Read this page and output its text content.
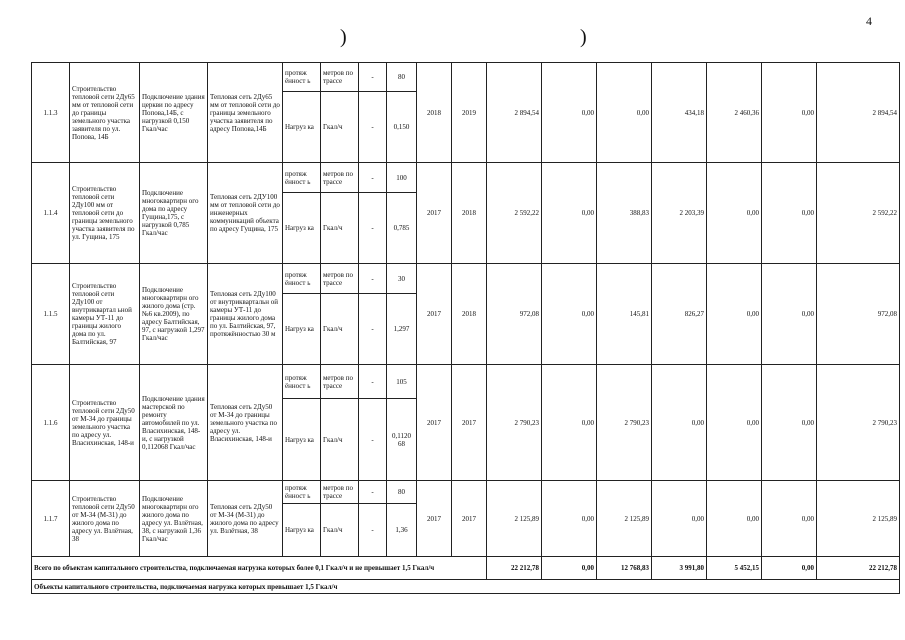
4
)	)
1.1.3	Строительство тепловой сети 2Ду65 мм от тепловой сети до границы земельного участка заявителя по ул. Попова, 14Б	Подключение здания церкви по адресу Попова,14Б, с нагрузкой 0,150 Гкал/час	Тепловая сеть 2Ду65 мм от тепловой сети до границы земельного участка заявителя по адресу Попова,14Б	протяж ённост ь	метров по трассе	-	80	2018	2019	2 894,54	0,00	0,00	434,18	2 460,36	0,00	2 894,54
				Нагруз ка	Гкал/ч	-	0,150									
1.1.4	Строительство тепловой сети 2Ду100 мм от тепловой сети до границы земельного участка заявителя по ул. Гущина, 175	Подключение многоквартирн ого дома по адресу Гущина,175, с нагрузкой 0,785 Гкал/час	Тепловая сеть 2ДУ100 мм от тепловой сети до инженерных коммуникаций объекта по адресу Гущина, 175	протяж ённост ь	метров по трассе	-	100	2017	2018	2 592,22	0,00	388,83	2 203,39	0,00	0,00	2 592,22
				Нагруз ка	Гкал/ч	-	0,785									
1.1.5	Строительство тепловой сети 2Ду100 от внутриквартал ьной камеры УТ-11 до границы жилого дома по ул. Балтийская, 97	Подключение многоквартирн ого жилого дома (стр.№6 кв.2009), по адресу Балтийская, 97, с нагрузкой 1,297 Гкал/час	Тепловая сеть 2Ду100 от внутриквартальн ой камеры УТ-11 до границы жилого дома по ул. Балтийская, 97, протяжённостью 30 м	протяж ённост ь	метров по трассе	-	30	2017	2018	972,08	0,00	145,81	826,27	0,00	0,00	972,08
				Нагруз ка	Гкал/ч	-	1,297									
1.1.6	Строительство тепловой сети 2Ду50 от М-34 до границы земельного участка по адресу ул. Власихинская, 148-и	Подключение здания мастерской по ремонту автомобилей по ул. Власихинская, 148-и, с нагрузкой 0,112068 Гкал/час	Тепловая сеть 2Ду50 от М-34 до границы земельного участка по адресу ул. Власихинская, 148-и	протяж ённост ь	метров по трассе	-	105	2017	2017	2 790,23	0,00	2 790,23	0,00	0,00	0,00	2 790,23
				Нагруз ка	Гкал/ч	-	0,1120 68									
1.1.7	Строительство тепловой сети 2Ду50 от М-34 (М-31) до жилого дома по адресу ул. Взлётная, 38	Подключение многоквартирн ого жилого дома по адресу ул. Взлётная, 38, с нагрузкой 1,36 Гкал/час	Тепловая сеть 2Ду50 от М-34 (М-31) до жилого дома по адресу ул. Взлётная, 38	протяж ённост ь	метров по трассе	-	80	2017	2017	2 125,89	0,00	2 125,89	0,00	0,00	0,00	2 125,89
				Нагруз ка	Гкал/ч	-	1,36									
Всего по объектам капитального строительства, подключаемая нагрузка которых более 0,1 Гкал/ч и не превышает 1,5 Гкал/ч										22 212,78	0,00	12 768,83	3 991,80	5 452,15	0,00	22 212,78
Объекты капитального строительства, подключаемая нагрузка которых превышает 1,5 Гкал/ч																
